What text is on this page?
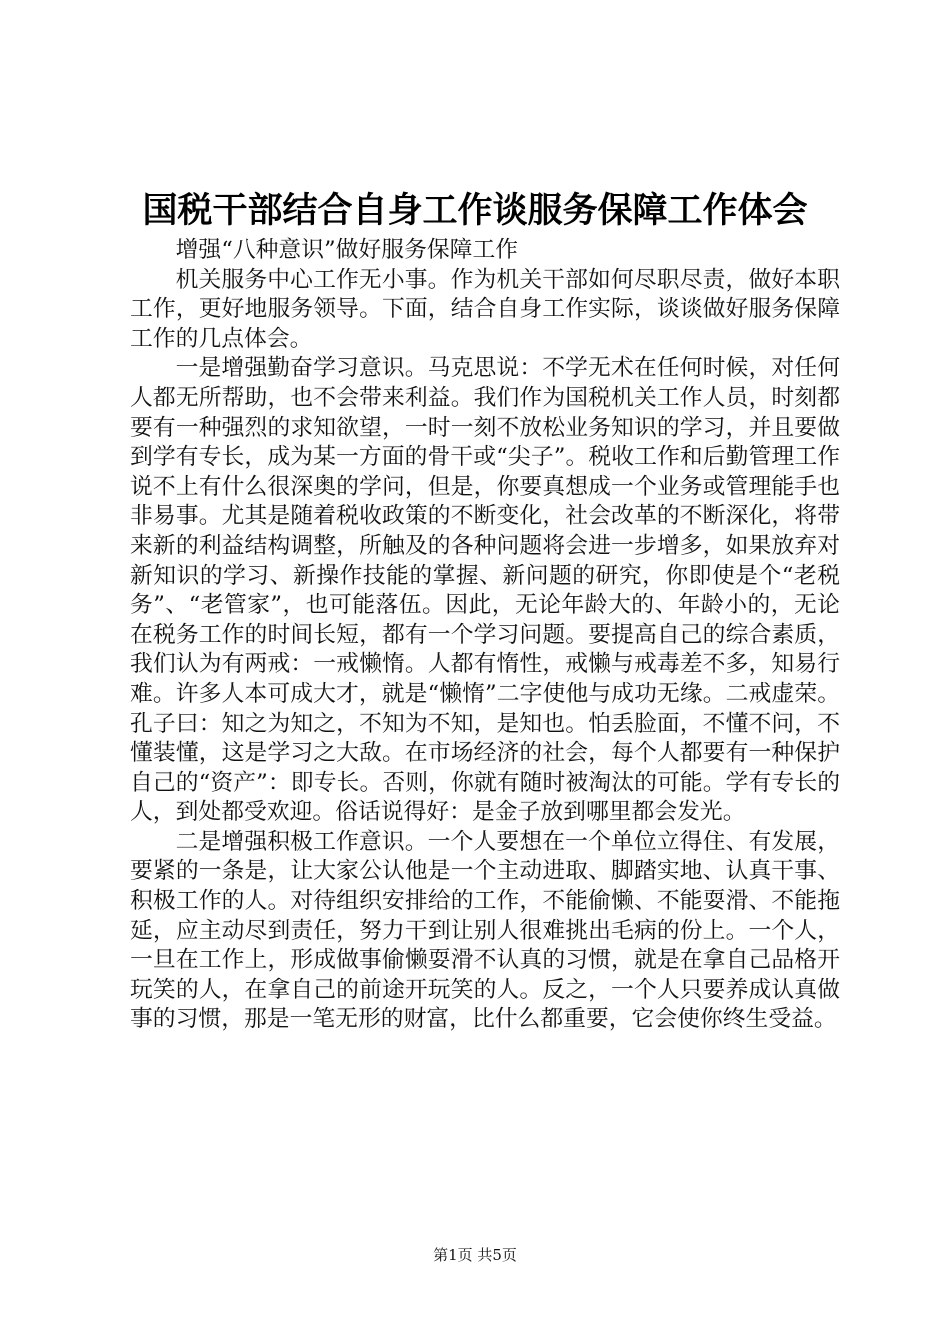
国税干部结合自身工作谈服务保障工作体会

增强“八种意识”做好服务保障工作

机关服务中心工作无小事。作为机关干部如何尽职尽责，做好本职工作，更好地服务领导。下面，结合自身工作实际，谈谈做好服务保障工作的几点体会。

一是增强勤奋学习意识。马克思说：不学无术在任何时候，对任何人都无所帮助，也不会带来利益。我们作为国税机关工作人员，时刻都要有一种强烈的求知欲望，一时一刻不放松业务知识的学习，并且要做到学有专长，成为某一方面的骨干或“尖子”。税收工作和后勤管理工作说不上有什么很深奥的学问，但是，你要真想成一个业务或管理能手也非易事。尤其是随着税收政策的不断变化，社会改革的不断深化，将带来新的利益结构调整，所触及的各种问题将会进一步增多，如果放弃对新知识的学习、新操作技能的掌握、新问题的研究，你即使是个“老税务”、“老管家”，也可能落伍。因此，无论年龄大的、年龄小的，无论在税务工作的时间长短，都有一个学习问题。要提高自己的综合素质，我们认为有两戒：一戒懒惰。人都有惰性，戒懒与戒毒差不多，知易行难。许多人本可成大才，就是“懒惰”二字使他与成功无缘。二戒虚荣。孔子曰：知之为知之，不知为不知，是知也。怕丢脸面，不懂不问，不懂装懂，这是学习之大敌。在市场经济的社会，每个人都要有一种保护自己的“资产”：即专长。否则，你就有随时被淘汰的可能。学有专长的人，到处都受欢迎。俗话说得好：是金子放到哪里都会发光。

二是增强积极工作意识。一个人要想在一个单位立得住、有发展，要紧的一条是，让大家公认他是一个主动进取、脚踏实地、认真干事、积极工作的人。对待组织安排给的工作，不能偷懒、不能耍滑、不能拖延，应主动尽到责任，努力干到让别人很难挑出毛病的份上。一个人，一旦在工作上，形成做事偷懒耍滑不认真的习惯，就是在拿自己品格开玩笑的人，在拿自己的前途开玩笑的人。反之，一个人只要养成认真做事的习惯，那是一笔无形的财富，比什么都重要，它会使你终生受益。

第1页 共5页
